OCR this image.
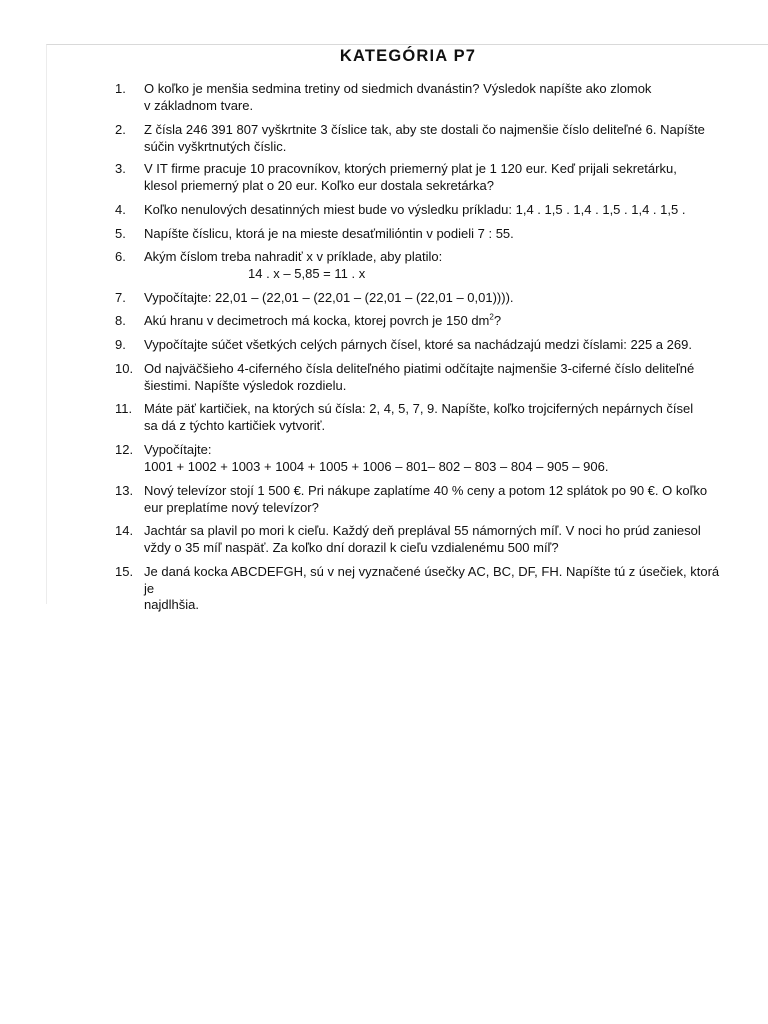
KATEGÓRIA P7
1.	O koľko je menšia sedmina tretiny od siedmich dvanástin? Výsledok napíšte ako zlomok
v základnom tvare.
2.	Z čísla 246 391 807 vyškrtnite 3 číslice tak, aby ste dostali čo najmenšie číslo deliteľné 6. Napíšte
súčin vyškrtnutých číslic.
3.	V IT firme pracuje 10 pracovníkov, ktorých priemerný plat je 1 120 eur. Keď prijali sekretárku,
klesol priemerný plat o 20 eur. Koľko eur dostala sekretárka?
4.	Koľko nenulových desatinných miest bude vo výsledku príkladu: 1,4 . 1,5 . 1,4 . 1,5 . 1,4 . 1,5 .
5.	Napíšte číslicu, ktorá je na mieste desaťmiliόntin v podieli 7 : 55.
6.	Akým číslom treba nahradiť x v príklade, aby platilo:
14 . x – 5,85 = 11 . x
7.	Vypočítajte: 22,01 – (22,01 – (22,01 – (22,01 – (22,01 – 0,01)))).
8.	Akú hranu v decimetroch má kocka, ktorej povrch je 150 $dm^2$?
9.	Vypočítajte súčet všetkých celých párnych čísel, ktoré sa nachádzajú medzi číslami: 225 a 269.
10. Od najväčšieho 4-ciferného čísla deliteľného piatimi odčítajte najmenšie 3-ciferné číslo deliteľné
šiestimi. Napíšte výsledok rozdielu.
11. Máte päť kartičiek, na ktorých sú čísla: 2, 4, 5, 7, 9. Napíšte, koľko trojciferných nepárnych čísel
sa dá z týchto kartičiek vytvoriť.
12. Vypočítajte:
1001 + 1002 + 1003 + 1004 + 1005 + 1006 – 801– 802 – 803 – 804 – 905 – 906.
13. Nový televízor stojí 1 500 €. Pri nákupe zaplatíme 40 % ceny a potom 12 splátok po 90 €. O koľko
eur preplatíme nový televízor?
14. Jachtár sa plavil po mori k cieľu. Každý deň preplával 55 námorných míľ. V noci ho prúd zaniesol
vždy o 35 míľ naspäť. Za koľko dní dorazil k cieľu vzdialenému 500 míľ?
15. Je daná kocka ABCDEFGH, sú v nej vyznačené úsečky AC, BC, DF, FH. Napíšte tú z úsečiek, ktorá je
najdlhšia.
